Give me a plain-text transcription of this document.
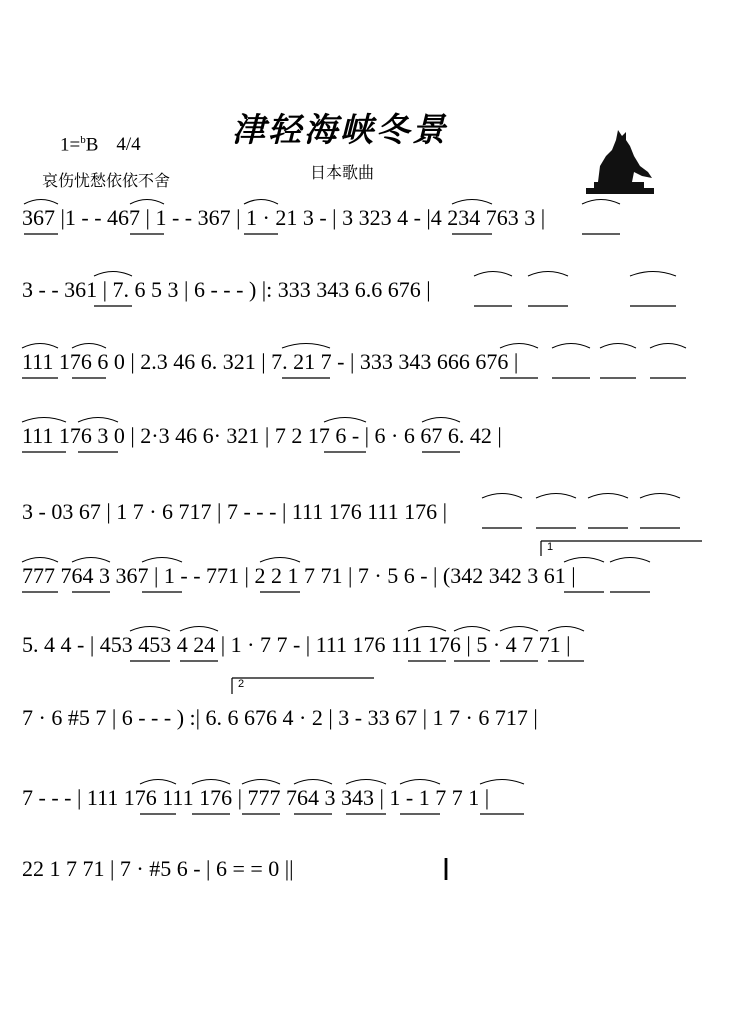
津轻海峡冬景
1=$^b$B 4/4
哀伤忧愁依依不舍	日本歌曲
367 |1 - - 467 | 1 - - 367 | 1 · 21 3 - | 3 323 4 - |4 234 763 3 |
3 - - 361 | 7. 6 5 3 | 6 - - - ) |: 333 343 6.6 676 |
111 176 6 0 | 2.3 46 6. 321 | 7. 21 7 - | 333 343 666 676 |
111 176 3 0 | 2·3 46 6· 321 | 7 2 17 6 - | 6 · 6 67 6. 42 |
3 - 03 67 | 1 7 · 6 717 | 7 - - - | 111 176 111 176 |
777 764 3 367 | 1 - - 771 | 2 2 1 7 71 | 7 · 5 6 - | (342 342 3 61 |
5. 4 4 - | 453 453 4 24 | 1 · 7 7 - | 111 176 111 176 | 5 · 4 7 71 |
7 · 6 #5 7 | 6 - - - ) :| 6. 6 676 4 · 2 | 3 - 33 67 | 1 7 · 6 717 |
7 - - - | 111 176 111 176 | 777 764 3 343 | 1 - 1 7 7 1 |
22 1 7 71 | 7 · #5 6 - | 6 = = 0 ||
1
2
